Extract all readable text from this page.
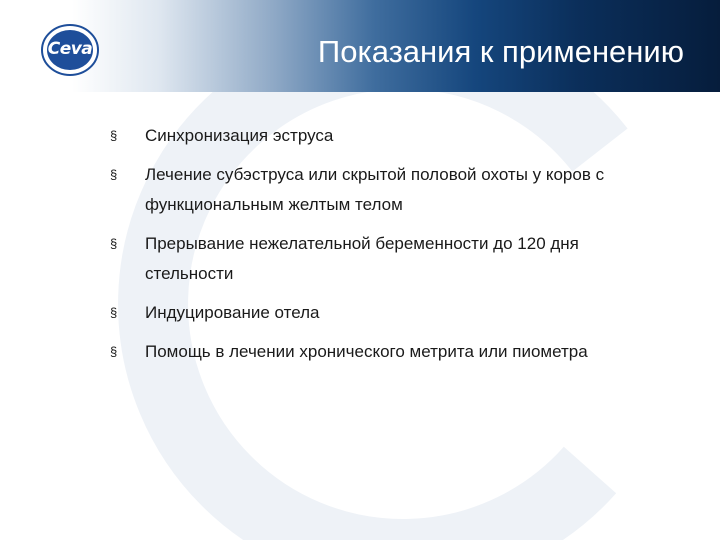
Ceva	Показания к применению
§ Синхронизация эструса
§ Лечение субэструса или скрытой половой охоты у коров с функциональным желтым телом
§ Прерывание нежелательной беременности до 120 дня стельности
§ Индуцирование отела
§ Помощь в лечении хронического метрита или пиометра
